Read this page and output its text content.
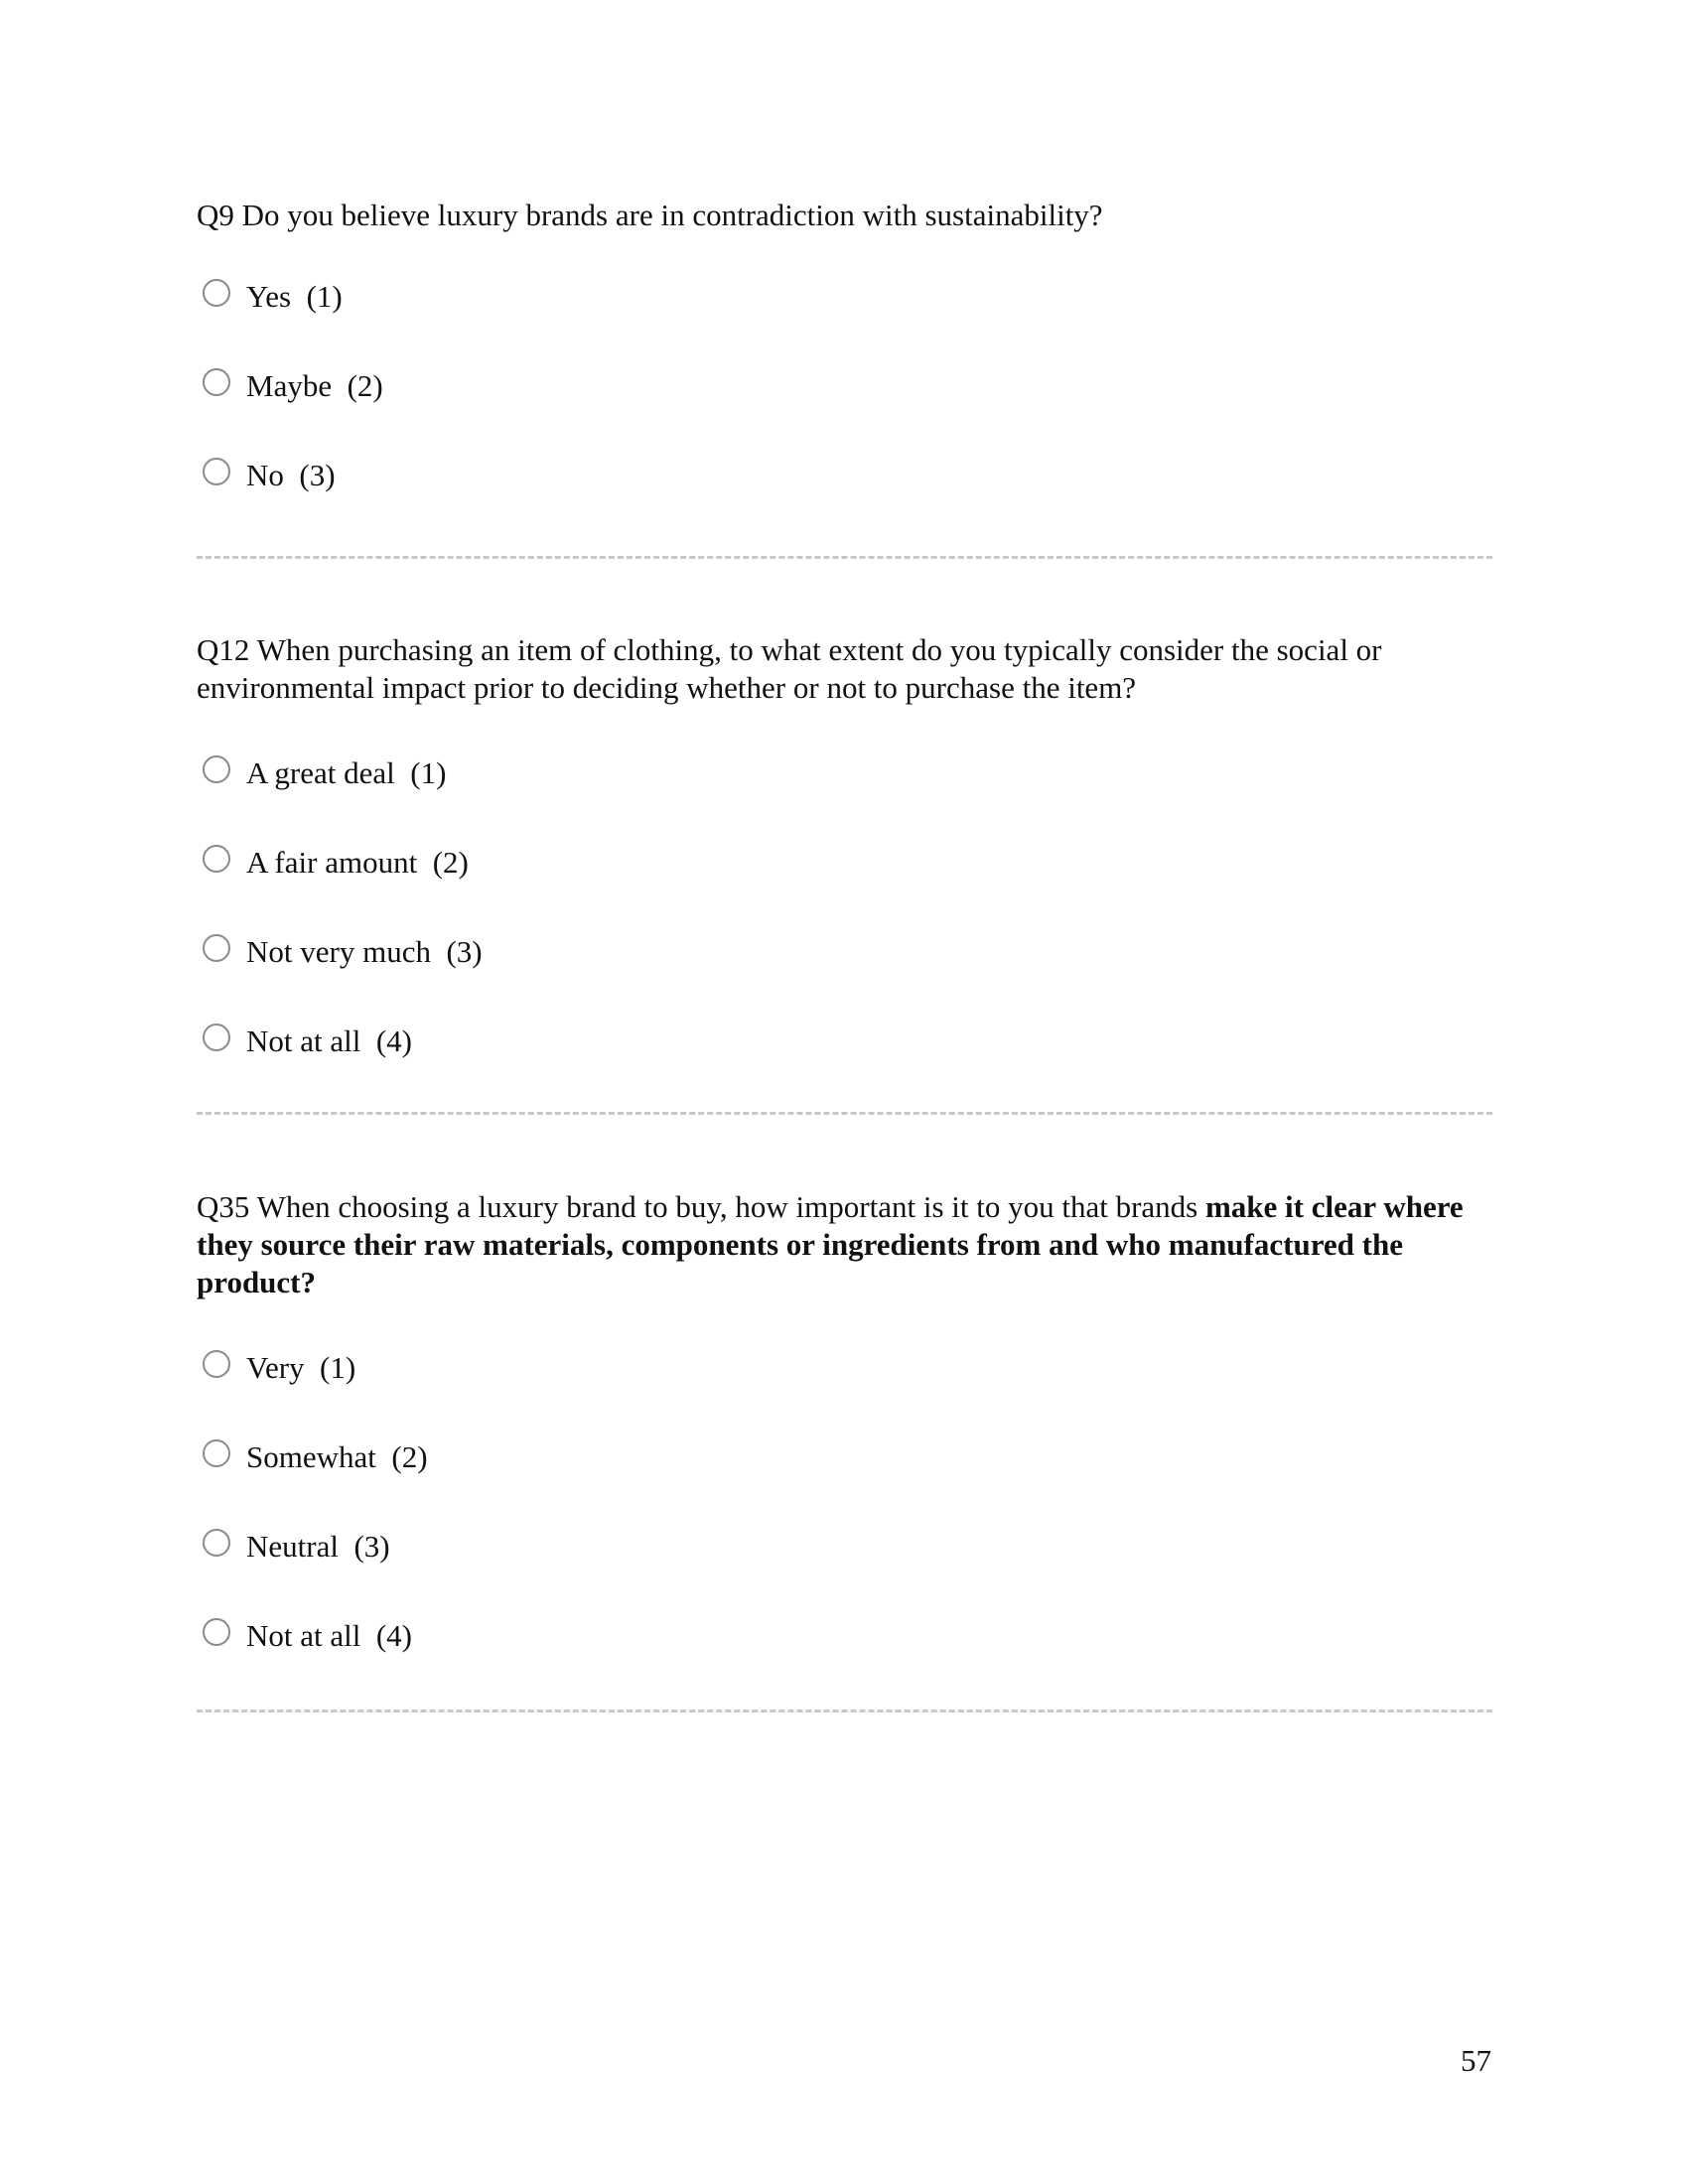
Q9 Do you believe luxury brands are in contradiction with sustainability?

Yes
(1)
Maybe
(2)
No
(3)

Q12 When purchasing an item of clothing, to what extent do you typically consider the social or environmental impact prior to deciding whether or not to purchase the item?

A great deal
(1)
A fair amount
(2)
Not very much
(3)
Not at all
(4)

Q35 When choosing a luxury brand to buy, how important is it to you that brands make it clear where they source their raw materials, components or ingredients from and who manufactured the product?

Very
(1)
Somewhat
(2)
Neutral
(3)
Not at all
(4)
57
